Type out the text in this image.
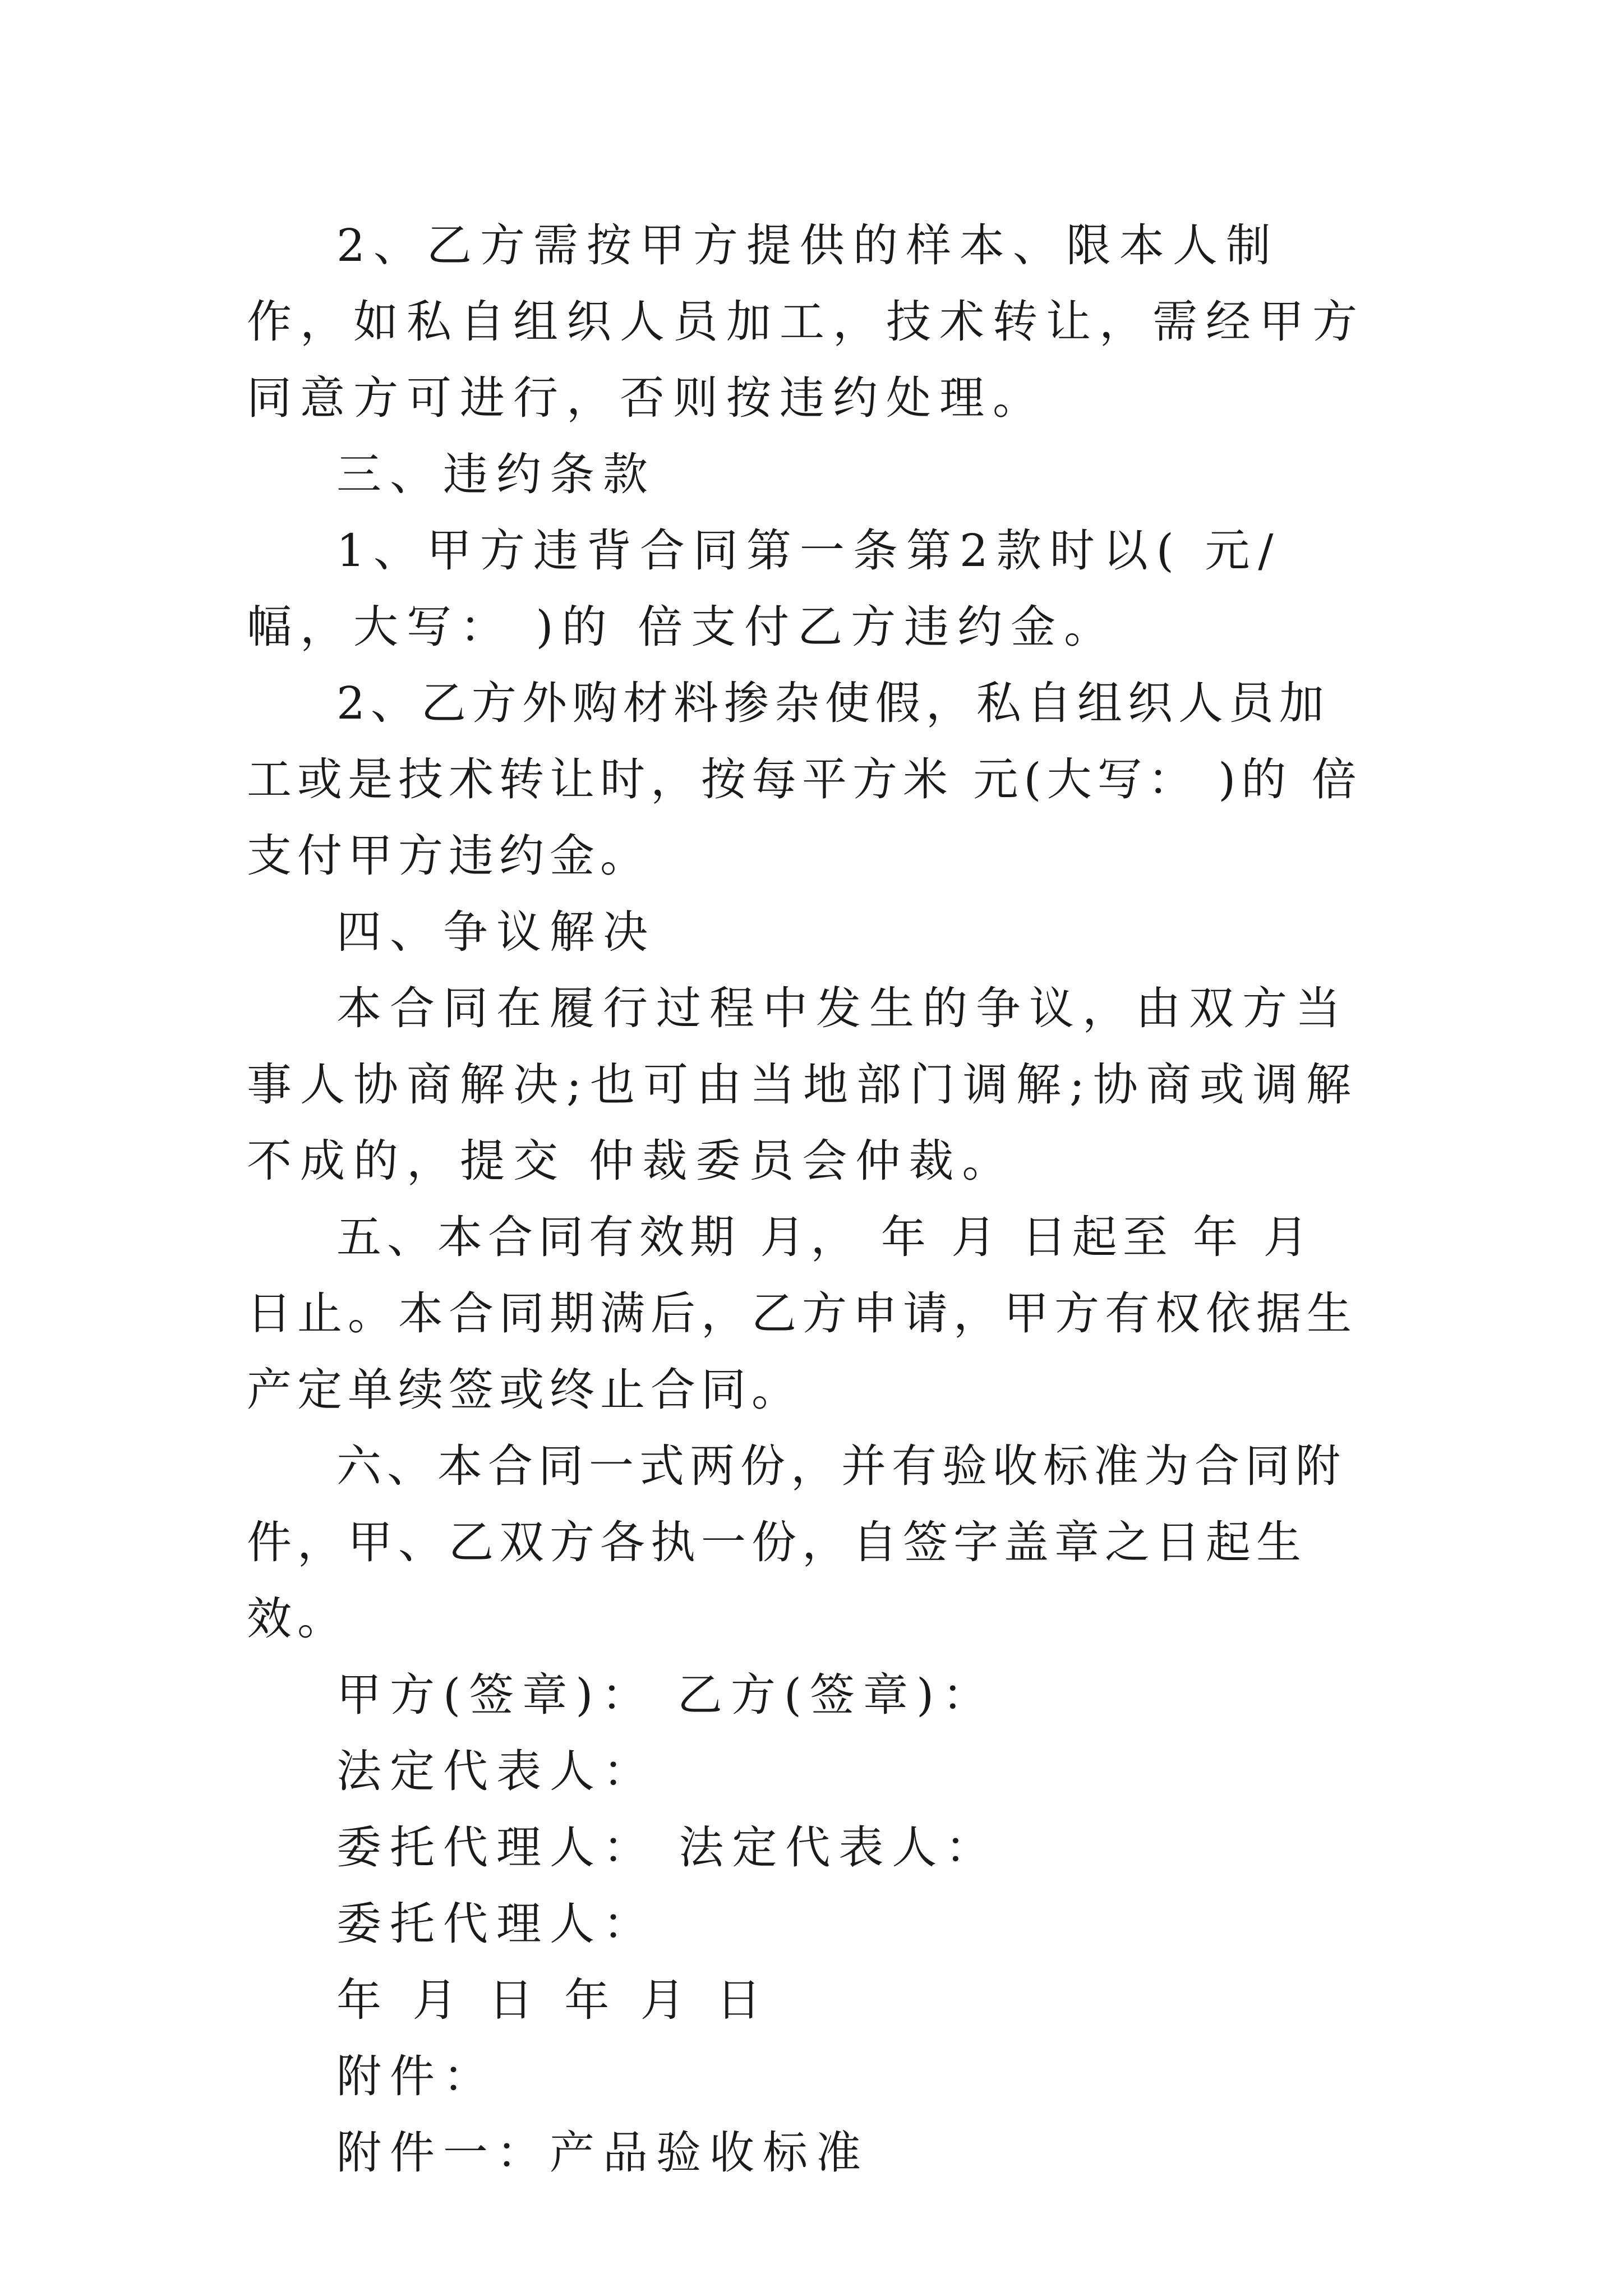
2、乙方需按甲方提供的样本、限本人制作，如私自组织人员加工，技术转让，需经甲方同意方可进行，否则按违约处理。

三、违约条款

1、甲方违背合同第一条第2款时以( 元/幅，大写： )的 倍支付乙方违约金。

2、乙方外购材料掺杂使假，私自组织人员加工或是技术转让时，按每平方米 元(大写： )的 倍支付甲方违约金。

四、争议解决

本合同在履行过程中发生的争议，由双方当事人协商解决;也可由当地部门调解;协商或调解不成的，提交 仲裁委员会仲裁。

五、本合同有效期 月， 年 月 日起至 年 月 日止。本合同期满后，乙方申请，甲方有权依据生产定单续签或终止合同。

六、本合同一式两份，并有验收标准为合同附件，甲、乙双方各执一份，自签字盖章之日起生效。

甲方(签章)： 乙方(签章)：

法定代表人：

委托代理人： 法定代表人：

委托代理人：

年 月 日 年 月 日

附件：

附件一：产品验收标准
